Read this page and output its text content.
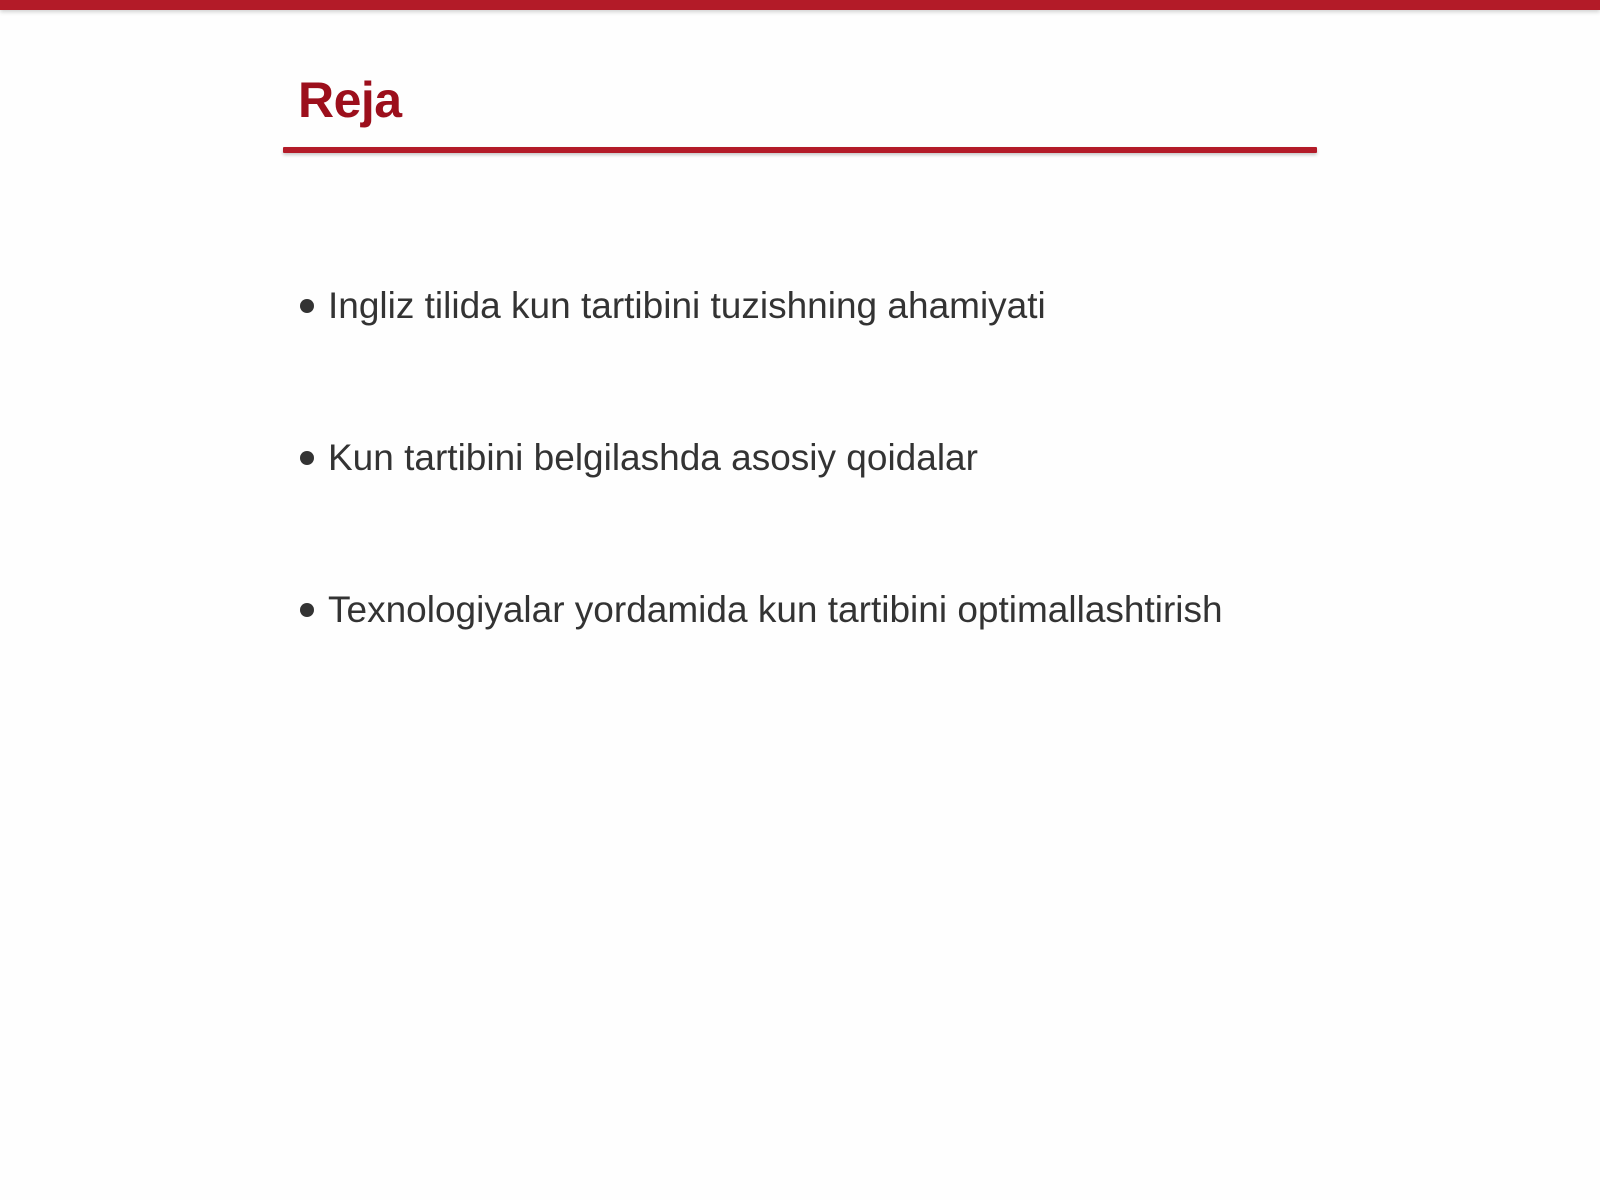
Reja
Ingliz tilida kun tartibini tuzishning ahamiyati
Kun tartibini belgilashda asosiy qoidalar
Texnologiyalar yordamida kun tartibini optimallashtirish
